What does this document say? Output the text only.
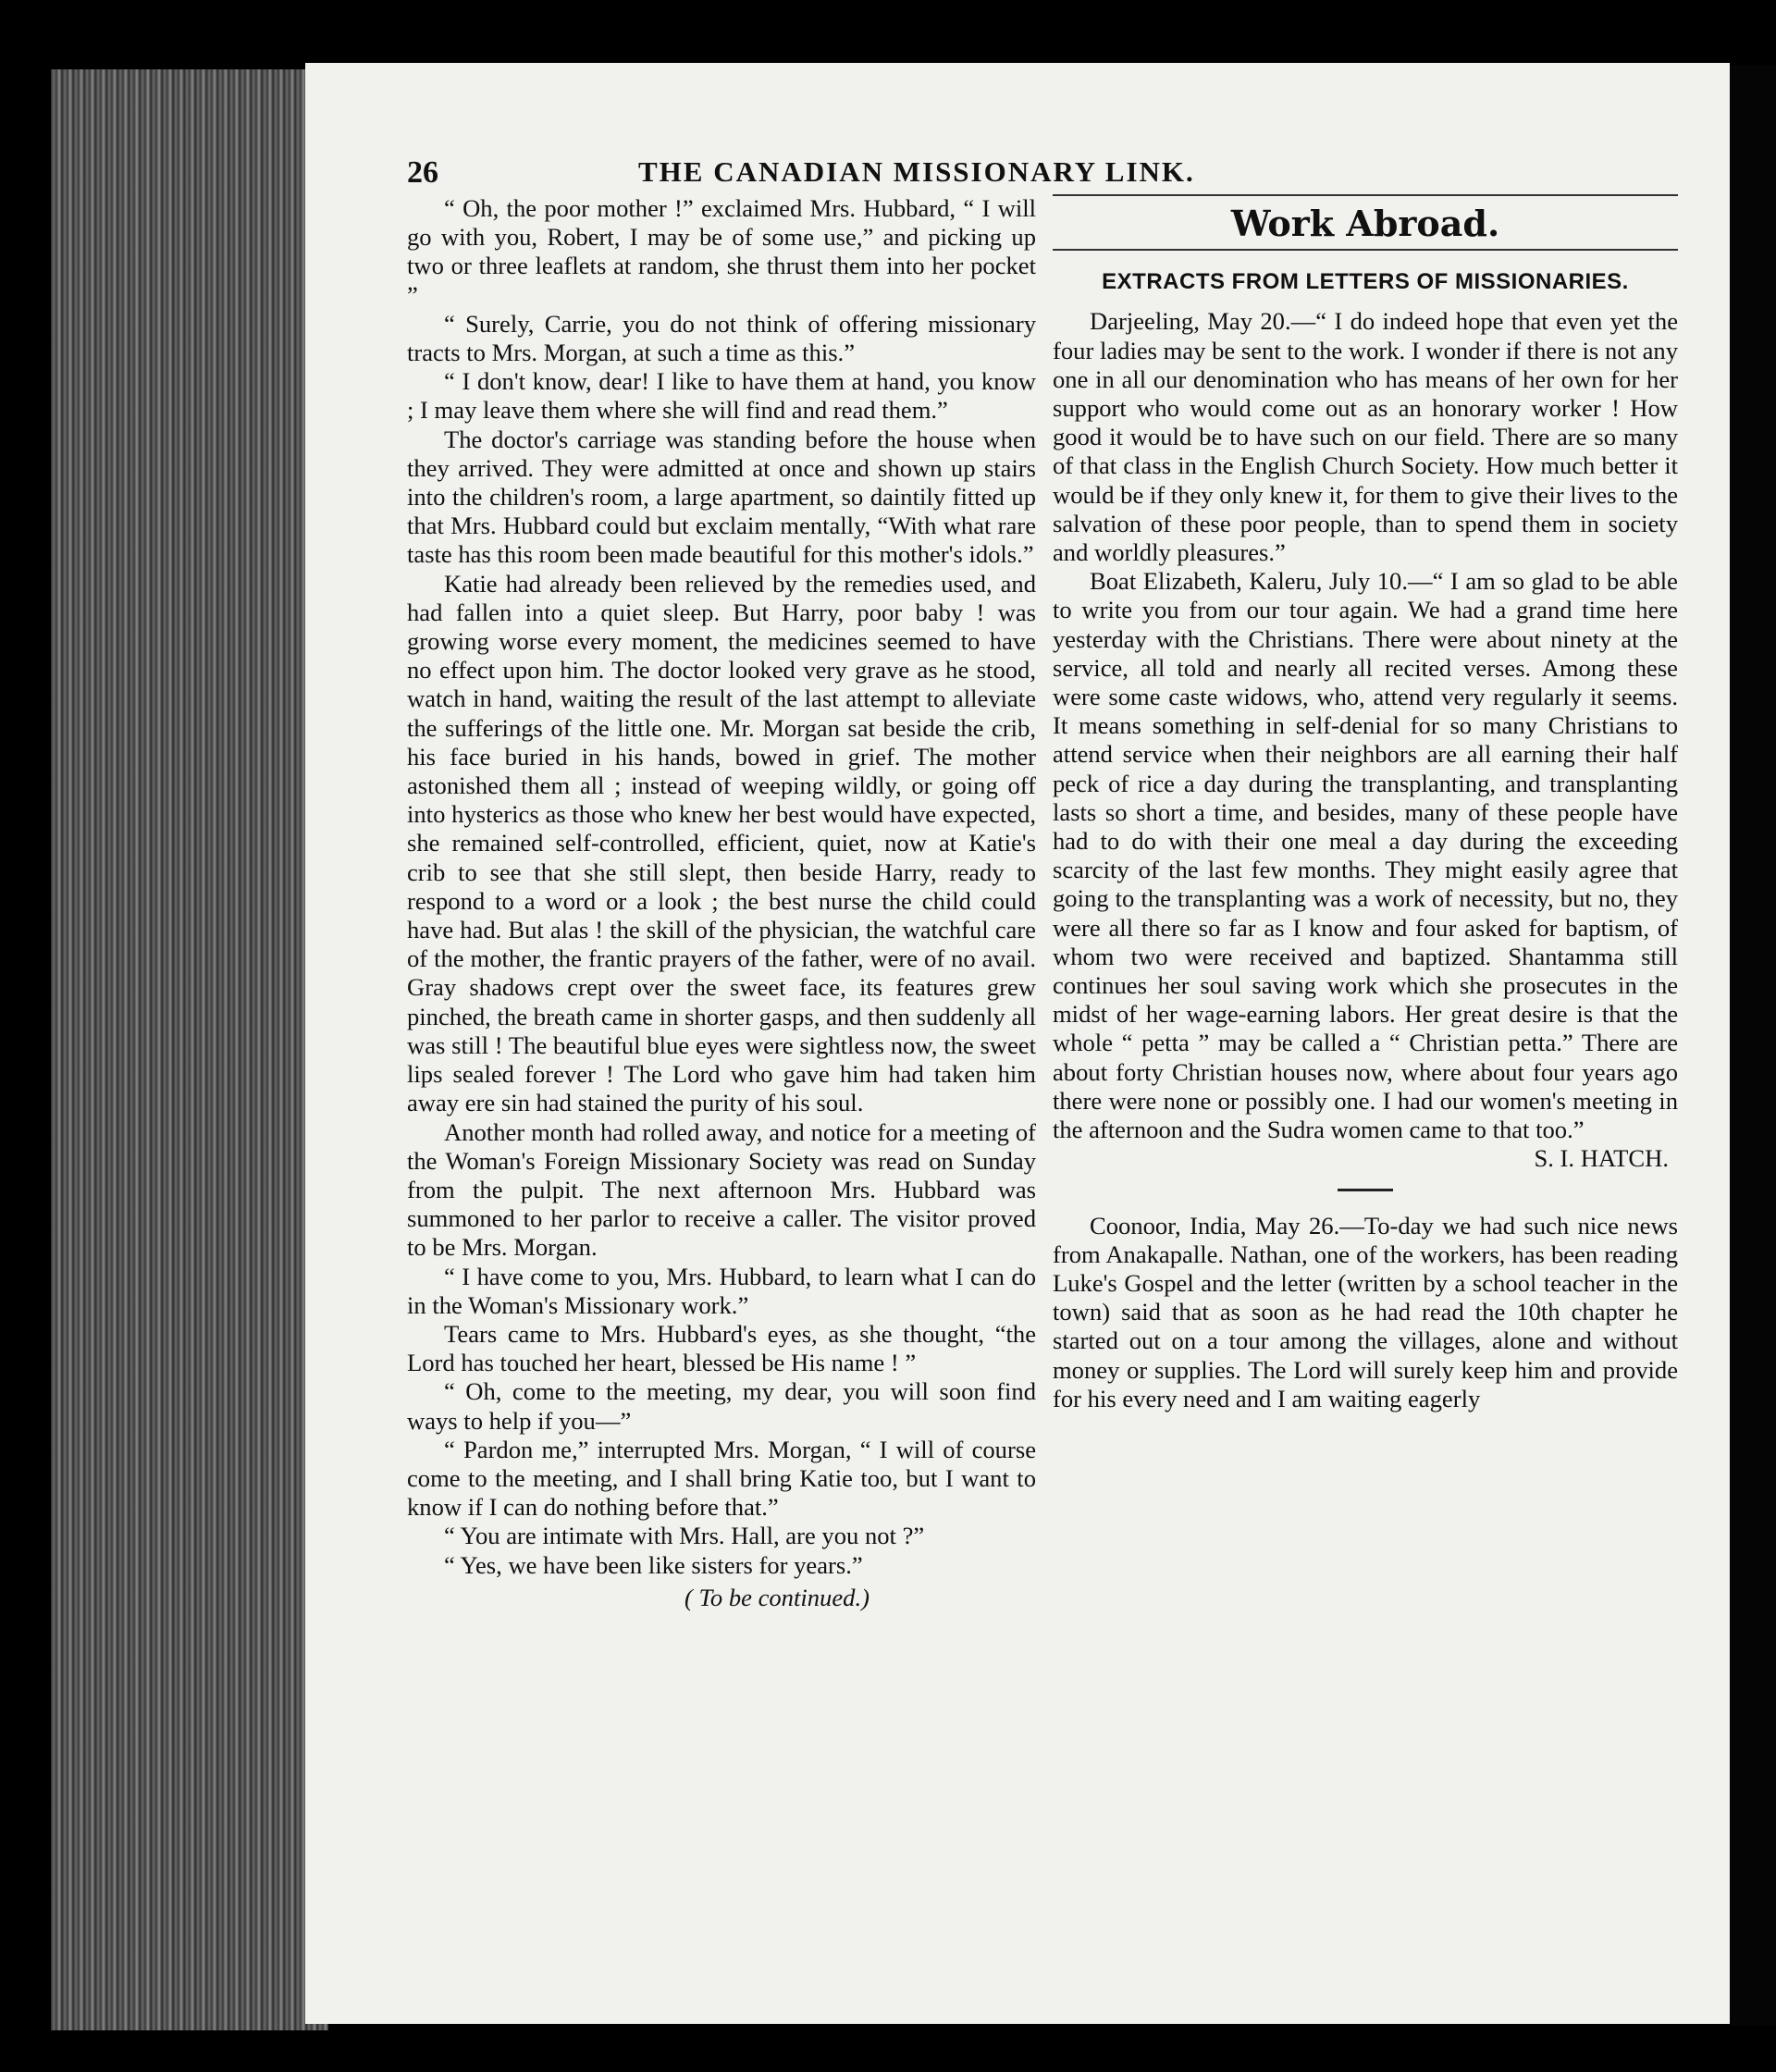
26	THE CANADIAN MISSIONARY LINK.

“ Oh, the poor mother !” exclaimed Mrs. Hubbard, “ I will go with you, Robert, I may be of some use,” and picking up two or three leaflets at random, she thrust them into her pocket ”

“ Surely, Carrie, you do not think of offering missionary tracts to Mrs. Morgan, at such a time as this.”

“ I don't know, dear! I like to have them at hand, you know ; I may leave them where she will find and read them.”

The doctor's carriage was standing before the house when they arrived. They were admitted at once and shown up stairs into the children's room, a large apartment, so daintily fitted up that Mrs. Hubbard could but exclaim mentally, “With what rare taste has this room been made beautiful for this mother's idols.”

Katie had already been relieved by the remedies used, and had fallen into a quiet sleep. But Harry, poor baby ! was growing worse every moment, the medicines seemed to have no effect upon him. The doctor looked very grave as he stood, watch in hand, waiting the result of the last attempt to alleviate the sufferings of the little one. Mr. Morgan sat beside the crib, his face buried in his hands, bowed in grief. The mother astonished them all ; instead of weeping wildly, or going off into hysterics as those who knew her best would have expected, she remained self-controlled, efficient, quiet, now at Katie's crib to see that she still slept, then beside Harry, ready to respond to a word or a look ; the best nurse the child could have had. But alas ! the skill of the physician, the watchful care of the mother, the frantic prayers of the father, were of no avail. Gray shadows crept over the sweet face, its features grew pinched, the breath came in shorter gasps, and then suddenly all was still ! The beautiful blue eyes were sightless now, the sweet lips sealed forever ! The Lord who gave him had taken him away ere sin had stained the purity of his soul.

Another month had rolled away, and notice for a meeting of the Woman's Foreign Missionary Society was read on Sunday from the pulpit. The next afternoon Mrs. Hubbard was summoned to her parlor to receive a caller. The visitor proved to be Mrs. Morgan.

“ I have come to you, Mrs. Hubbard, to learn what I can do in the Woman's Missionary work.”

Tears came to Mrs. Hubbard's eyes, as she thought, “the Lord has touched her heart, blessed be His name ! ”

“ Oh, come to the meeting, my dear, you will soon find ways to help if you—”

“ Pardon me,” interrupted Mrs. Morgan, “ I will of course come to the meeting, and I shall bring Katie too, but I want to know if I can do nothing before that.”

“ You are intimate with Mrs. Hall, are you not ?”

“ Yes, we have been like sisters for years.”

( To be continued.)

Work Abroad.
EXTRACTS FROM LETTERS OF MISSIONARIES.

Darjeeling, May 20.—“ I do indeed hope that even yet the four ladies may be sent to the work. I wonder if there is not any one in all our denomination who has means of her own for her support who would come out as an honorary worker ! How good it would be to have such on our field. There are so many of that class in the English Church Society. How much better it would be if they only knew it, for them to give their lives to the salvation of these poor people, than to spend them in society and worldly pleasures.”

Boat Elizabeth, Kaleru, July 10.—“ I am so glad to be able to write you from our tour again. We had a grand time here yesterday with the Christians. There were about ninety at the service, all told and nearly all recited verses. Among these were some caste widows, who, attend very regularly it seems. It means something in self-denial for so many Christians to attend service when their neighbors are all earning their half peck of rice a day during the transplanting, and transplanting lasts so short a time, and besides, many of these people have had to do with their one meal a day during the exceeding scarcity of the last few months. They might easily agree that going to the transplanting was a work of necessity, but no, they were all there so far as I know and four asked for baptism, of whom two were received and baptized. Shantamma still continues her soul saving work which she prosecutes in the midst of her wage-earning labors. Her great desire is that the whole “ petta ” may be called a “ Christian petta.” There are about forty Christian houses now, where about four years ago there were none or possibly one. I had our women's meeting in the afternoon and the Sudra women came to that too.”

S. I. HATCH.

Coonoor, India, May 26.—To-day we had such nice news from Anakapalle. Nathan, one of the workers, has been reading Luke's Gospel and the letter (written by a school teacher in the town) said that as soon as he had read the 10th chapter he started out on a tour among the villages, alone and without money or supplies. The Lord will surely keep him and provide for his every need and I am waiting eagerly
